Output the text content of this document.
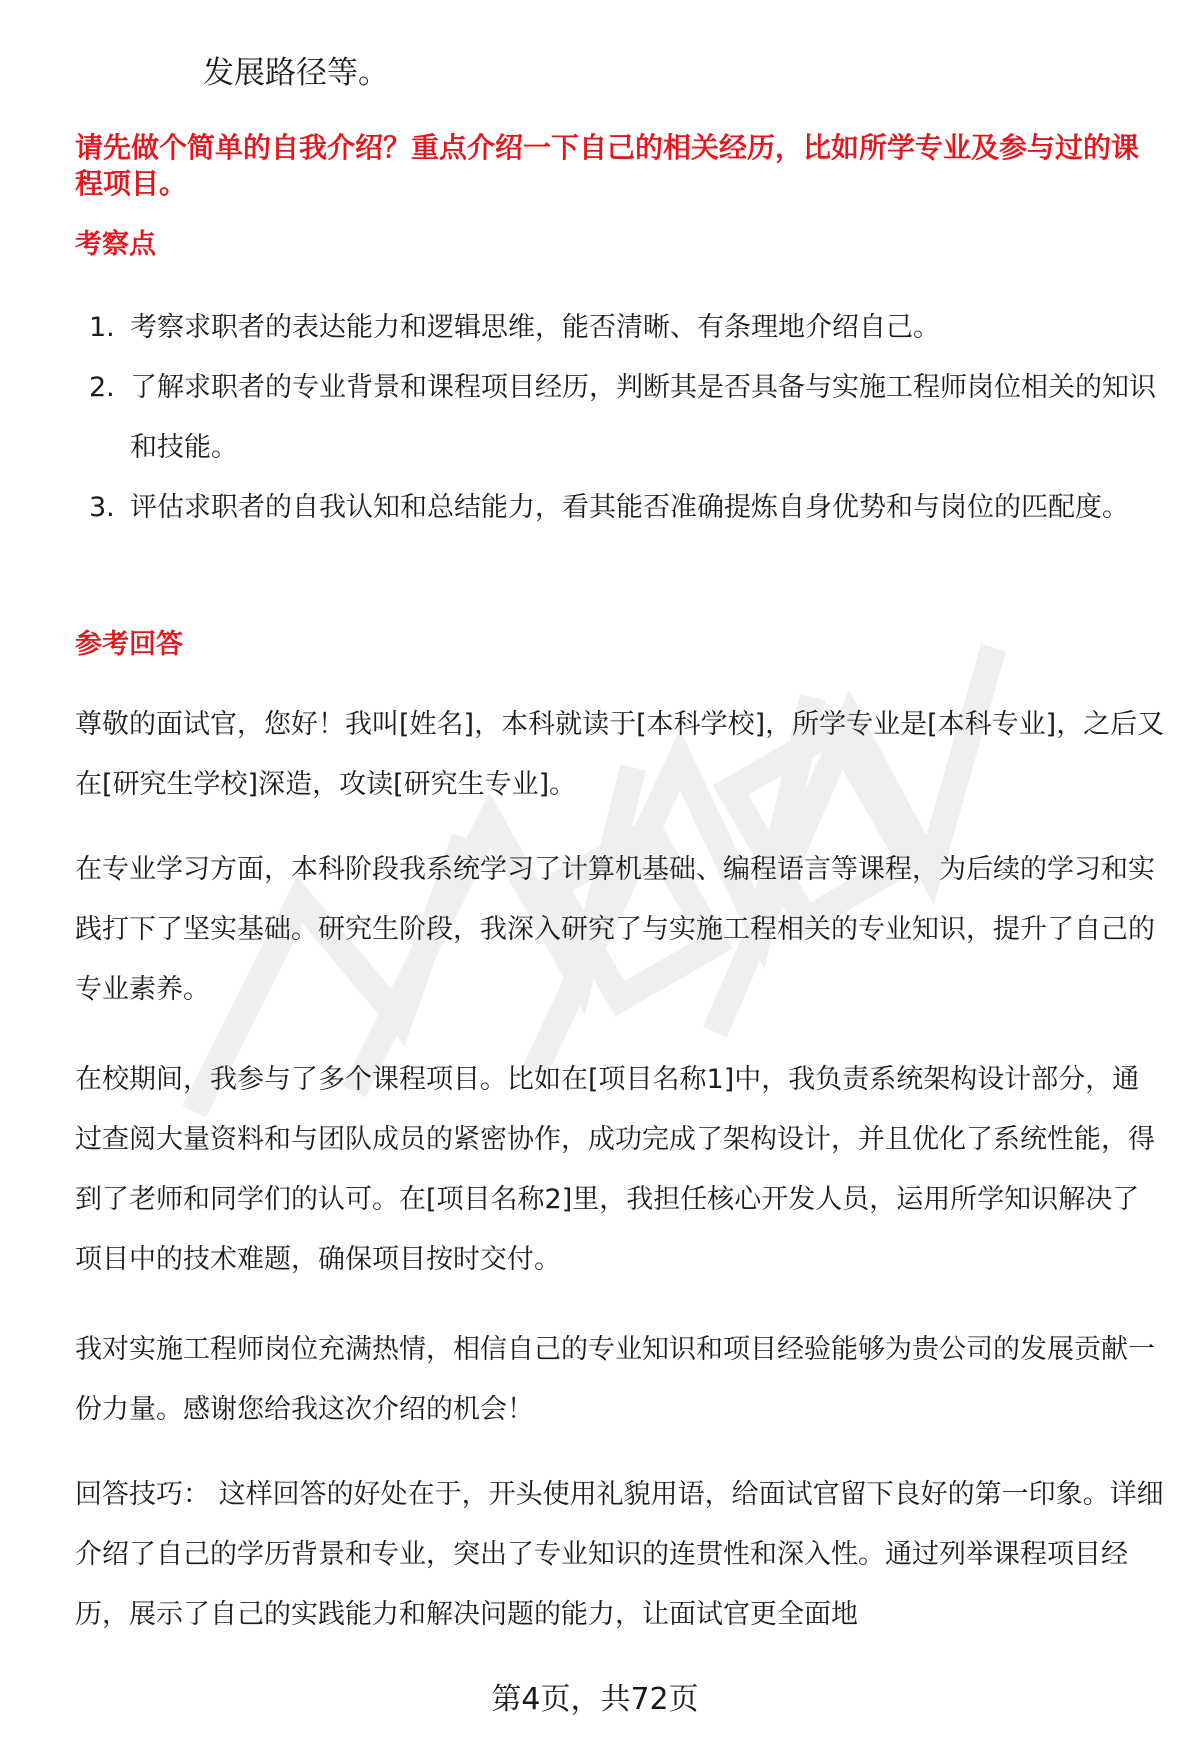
发展路径等。

请先做个简单的自我介绍？重点介绍一下自己的相关经历，比如所学专业及参与过的课程项目。

考察点
1. 考察求职者的表达能力和逻辑思维，能否清晰、有条理地介绍自己。
2. 了解求职者的专业背景和课程项目经历，判断其是否具备与实施工程师岗位相关的知识和技能。
3. 评估求职者的自我认知和总结能力，看其能否准确提炼自身优势和与岗位的匹配度。
参考回答

尊敬的面试官，您好！我叫[姓名]，本科就读于[本科学校]，所学专业是[本科专业]，之后又在[研究生学校]深造，攻读[研究生专业]。

在专业学习方面，本科阶段我系统学习了计算机基础、编程语言等课程，为后续的学习和实践打下了坚实基础。研究生阶段，我深入研究了与实施工程相关的专业知识，提升了自己的专业素养。

在校期间，我参与了多个课程项目。比如在[项目名称1]中，我负责系统架构设计部分，通过查阅大量资料和与团队成员的紧密协作，成功完成了架构设计，并且优化了系统性能，得到了老师和同学们的认可。在[项目名称2]里，我担任核心开发人员，运用所学知识解决了项目中的技术难题，确保项目按时交付。

我对实施工程师岗位充满热情，相信自己的专业知识和项目经验能够为贵公司的发展贡献一份力量。感谢您给我这次介绍的机会！

回答技巧： 这样回答的好处在于，开头使用礼貌用语，给面试官留下良好的第一印象。详细介绍了自己的学历背景和专业，突出了专业知识的连贯性和深入性。通过列举课程项目经历，展示了自己的实践能力和解决问题的能力，让面试官更全面地

第4页，共72页
